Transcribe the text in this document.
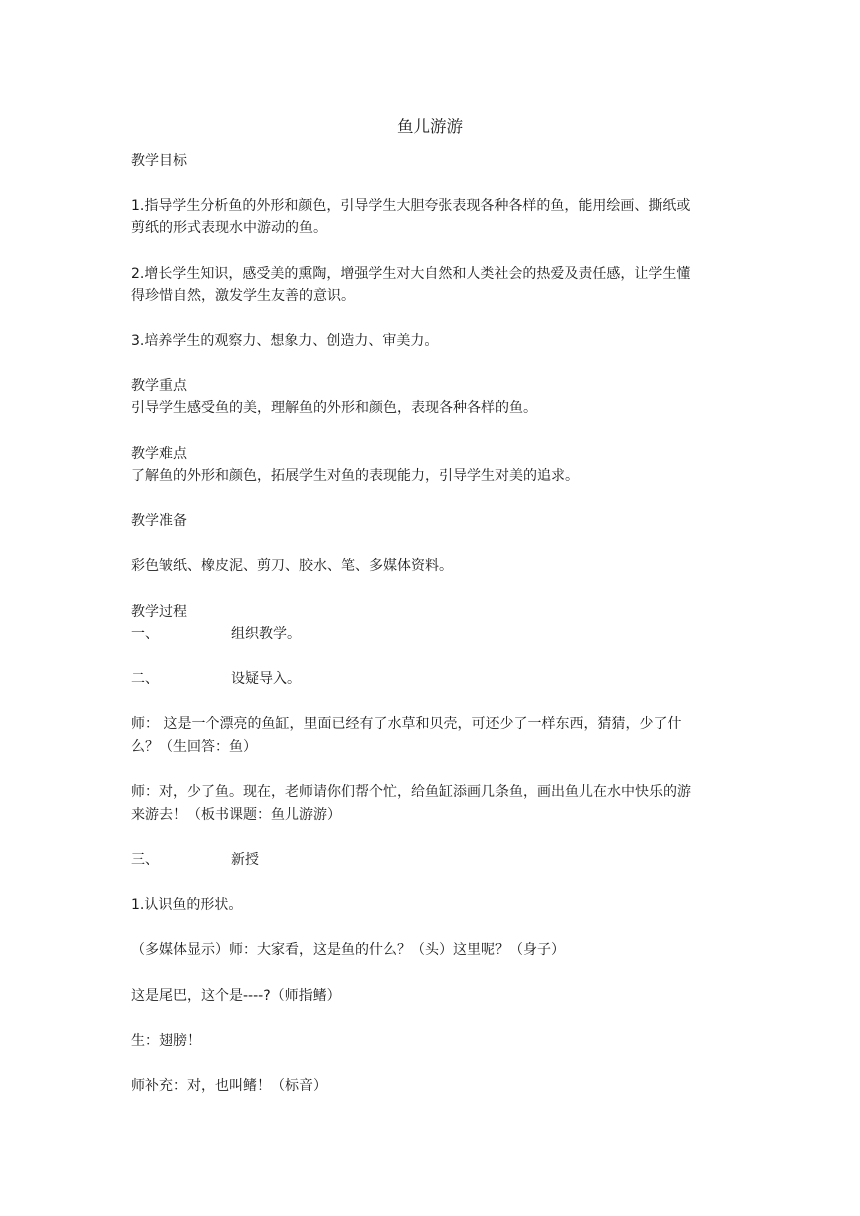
鱼儿游游
教学目标
1.指导学生分析鱼的外形和颜色，引导学生大胆夸张表现各种各样的鱼，能用绘画、撕纸或
剪纸的形式表现水中游动的鱼。
2.增长学生知识，感受美的熏陶，增强学生对大自然和人类社会的热爱及责任感，让学生懂
得珍惜自然，激发学生友善的意识。
3.培养学生的观察力、想象力、创造力、审美力。
教学重点
引导学生感受鱼的美，理解鱼的外形和颜色，表现各种各样的鱼。
教学难点
了解鱼的外形和颜色，拓展学生对鱼的表现能力，引导学生对美的追求。
教学准备
彩色皱纸、橡皮泥、剪刀、胶水、笔、多媒体资料。
教学过程
一、	组织教学。
二、	设疑导入。
师： 这是一个漂亮的鱼缸，里面已经有了水草和贝壳，可还少了一样东西，猜猜，少了什
么？（生回答：鱼）
师：对，少了鱼。现在，老师请你们帮个忙，给鱼缸添画几条鱼，画出鱼儿在水中快乐的游
来游去！（板书课题：鱼儿游游）
三、	新授
1.认识鱼的形状。
（多媒体显示）师：大家看，这是鱼的什么？（头）这里呢？（身子）
这是尾巴，这个是----?（师指鳍）
生：翅膀！
师补充：对，也叫鳍！（标音）
